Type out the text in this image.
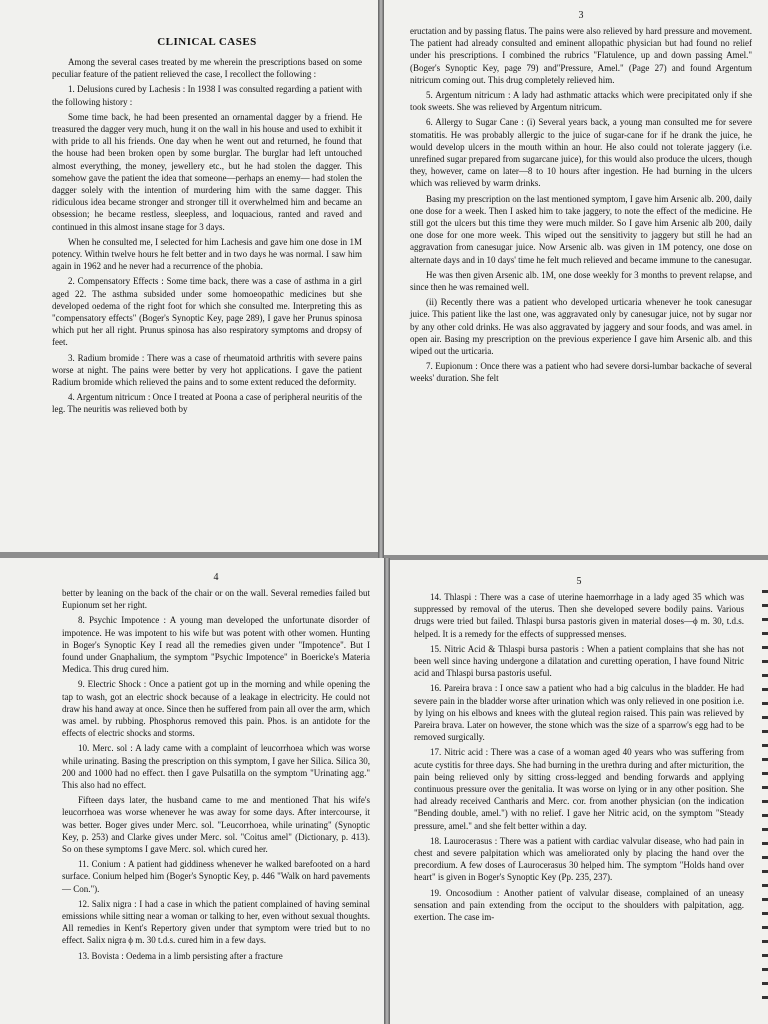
CLINICAL CASES

Among the several cases treated by me wherein the prescriptions based on some peculiar feature of the patient relieved the case, I recollect the following :

1. Delusions cured by Lachesis : In 1938 I was consulted regarding a patient with the following history :

Some time back, he had been presented an ornamental dagger by a friend. He treasured the dagger very much, hung it on the wall in his house and used to exhibit it with pride to all his friends. One day when he went out and returned, he found that the house had been broken open by some burglar. The burglar had left untouched almost everything, the money, jewellery etc., but he had stolen the dagger. This somehow gave the patient the idea that someone—perhaps an enemy— had stolen the dagger solely with the intention of murdering him with the same dagger. This ridiculous idea became stronger and stronger till it overwhelmed him and became an obsession; he became restless, sleepless, and loquacious, ranted and raved and continued in this almost insane stage for 3 days.

When he consulted me, I selected for him Lachesis and gave him one dose in 1M potency. Within twelve hours he felt better and in two days he was normal. I saw him again in 1962 and he never had a recurrence of the phobia.

2. Compensatory Effects : Some time back, there was a case of asthma in a girl aged 22. The asthma subsided under some homoeopathic medicines but she developed oedema of the right foot for which she consulted me. Interpreting this as "compensatory effects" (Boger's Synoptic Key, page 289), I gave her Prunus spinosa which put her all right. Prunus spinosa has also respiratory symptoms and dropsy of feet.

3. Radium bromide : There was a case of rheumatoid arthritis with severe pains worse at night. The pains were better by very hot applications. I gave the patient Radium bromide which relieved the pains and to some extent reduced the deformity.

4. Argentum nitricum : Once I treated at Poona a case of peripheral neuritis of the leg. The neuritis was relieved both by

3

eructation and by passing flatus. The pains were also relieved by hard pressure and movement. The patient had already consulted and eminent allopathic physician but had found no relief under his prescriptions. I combined the rubrics "Flatulence, up and down passing Amel." (Boger's Synoptic Key, page 79) and"Pressure, Amel." (Page 27) and found Argentum nitricum coming out. This drug completely relieved him.

5. Argentum nitricum : A lady had asthmatic attacks which were precipitated only if she took sweets. She was relieved by Argentum nitricum.

6. Allergy to Sugar Cane : (i) Several years back, a young man consulted me for severe stomatitis. He was probably allergic to the juice of sugar-cane for if he drank the juice, he would develop ulcers in the mouth within an hour. He also could not tolerate jaggery (i.e. unrefined sugar prepared from sugarcane juice), for this would also produce the ulcers, though they, however, came on later—8 to 10 hours after ingestion. He had burning in the ulcers which was relieved by warm drinks.

Basing my prescription on the last mentioned symptom, I gave him Arsenic alb. 200, daily one dose for a week. Then I asked him to take jaggery, to note the effect of the medicine. He still got the ulcers but this time they were much milder. So I gave him Arsenic alb 200, daily one dose for one more week. This wiped out the sensitivity to jaggery but still he had an aggravation from canesugar juice. Now Arsenic alb. was given in 1M potency, one dose on alternate days and in 10 days' time he felt much relieved and became immune to the canesugar.

He was then given Arsenic alb. 1M, one dose weekly for 3 months to prevent relapse, and since then he was remained well.

(ii) Recently there was a patient who developed urticaria whenever he took canesugar juice. This patient like the last one, was aggravated only by canesugar juice, not by sugar nor by any other cold drinks. He was also aggravated by jaggery and sour foods, and was amel. in open air. Basing my prescription on the previous experience I gave him Arsenic alb. and this wiped out the urticaria.

7. Eupionum : Once there was a patient who had severe dorsi-lumbar backache of several weeks' duration. She felt

4

better by leaning on the back of the chair or on the wall. Several remedies failed but Eupionum set her right.

8. Psychic Impotence : A young man developed the unfortunate disorder of impotence. He was impotent to his wife but was potent with other women. Hunting in Boger's Synoptic Key I read all the remedies given under "Impotence". But I found under Gnaphalium, the symptom "Psychic Impotence" in Boericke's Materia Medica. This drug cured him.

9. Electric Shock : Once a patient got up in the morning and while opening the tap to wash, got an electric shock because of a leakage in electricity. He could not draw his hand away at once. Since then he suffered from pain all over the arm, which was amel. by rubbing. Phosphorus removed this pain. Phos. is an antidote for the effects of electric shocks and storms.

10. Merc. sol : A lady came with a complaint of leucorrhoea which was worse while urinating. Basing the prescription on this symptom, I gave her Silica. Silica 30, 200 and 1000 had no effect. then I gave Pulsatilla on the symptom "Urinating agg." This also had no effect.

Fifteen days later, the husband came to me and mentioned That his wife's leucorrhoea was worse whenever he was away for some days. After intercourse, it was better. Boger gives under Merc. sol. "Leucorrhoea, while urinating" (Synoptic Key, p. 253) and Clarke gives under Merc. sol. "Coitus amel" (Dictionary, p. 413). So on these symptoms I gave Merc. sol. which cured her.

11. Conium : A patient had giddiness whenever he walked barefooted on a hard surface. Conium helped him (Boger's Synoptic Key, p. 446 "Walk on hard pavements — Con.").

12. Salix nigra : I had a case in which the patient complained of having seminal emissions while sitting near a woman or talking to her, even without sexual thoughts. All remedies in Kent's Repertory given under that symptom were tried but to no effect. Salix nigra ϕ m. 30 t.d.s. cured him in a few days.

13. Bovista : Oedema in a limb persisting after a fracture

5

14. Thlaspi : There was a case of uterine haemorrhage in a lady aged 35 which was suppressed by removal of the uterus. Then she developed severe bodily pains. Various drugs were tried but failed. Thlaspi bursa pastoris given in material doses—ϕ m. 30, t.d.s. helped. It is a remedy for the effects of suppressed menses.

15. Nitric Acid & Thlaspi bursa pastoris : When a patient complains that she has not been well since having undergone a dilatation and curetting operation, I have found Nitric acid and Thlaspi bursa pastoris useful.

16. Pareira brava : I once saw a patient who had a big calculus in the bladder. He had severe pain in the bladder worse after urination which was only relieved in one position i.e. by lying on his elbows and knees with the gluteal region raised. This pain was relieved by Pareira brava. Later on however, the stone which was the size of a sparrow's egg had to be removed surgically.

17. Nitric acid : There was a case of a woman aged 40 years who was suffering from acute cystitis for three days. She had burning in the urethra during and after micturition, the pain being relieved only by sitting cross-legged and bending forwards and applying continuous pressure over the genitalia. It was worse on lying or in any other position. She had already received Cantharis and Merc. cor. from another physician (on the indication "Bending double, amel.") with no relief. I gave her Nitric acid, on the symptom "Steady pressure, amel." and she felt better within a day.

18. Laurocerasus : There was a patient with cardiac valvular disease, who had pain in chest and severe palpitation which was ameliorated only by placing the hand over the precordium. A few doses of Laurocerasus 30 helped him. The symptom "Holds hand over heart" is given in Boger's Synoptic Key (Pp. 235, 237).

19. Oncosodium : Another patient of valvular disease, complained of an uneasy sensation and pain extending from the occiput to the shoulders with palpitation, agg. exertion. The case im-
